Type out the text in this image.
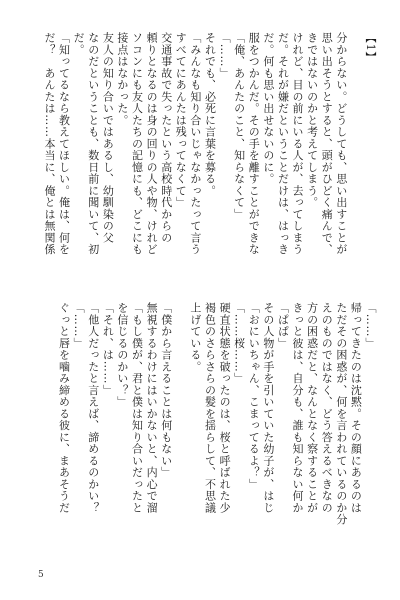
【1】
分からない。どうしても、思い出すことが
思い出そうとすると、頭がひどく痛んで、
きではないのかと考えてしまう。
けれど、目の前にいる人が、去ってしまう
だ。それが嫌だということだけは、はっき
だ。何も思い出せないのに。
服をつかんだ。その手を離すことができな
「俺、あんたのこと、知らなくて」
「……」
それでも、必死に言葉を募る。
「みんなも知り合いじゃなかったって言う
すべてにあんたは残ってなくて」
交通事故で失ったという高校時代からの
頼りとなるのは身の回りの人や物、けれど
ソコンにも友人たちの記憶にも、どこにも
接点はなかった。
友人の知り合いではあるし、幼馴染の父
なのだということも、数日前に聞いて、初
だ。
「知ってるなら教えてほしい。俺は、何を
だ？　あんたは……本当に、俺とは無関係
「……」
帰ってきたのは沈黙。その顔にあるのは
ただその困惑が、何を言われているのか分
えのものではなく、どう答えるべきなの
方の困惑だと、なんとなく察することが
きっと彼は、自分も、誰も知らない何か
「ぱぱ」
その人物が手を引いていた幼子が、はじ
「おにいちゃん、こまってるよ？」
「……桜……」
硬直状態を破ったのは、桜と呼ばれた少
褐色のさらさらの髪を揺らして、不思議
上げている。
「僕から言えることは何もない」
無視するわけにはいかないと、内心で溜
「もし僕が、君と僕は知り合いだったと
を信じるのかい？」
「それ、は……」
「他人だったと言えば、諦めるのかい？
「……」
ぐっと唇を噛み締める彼に、まあそうだ
5
